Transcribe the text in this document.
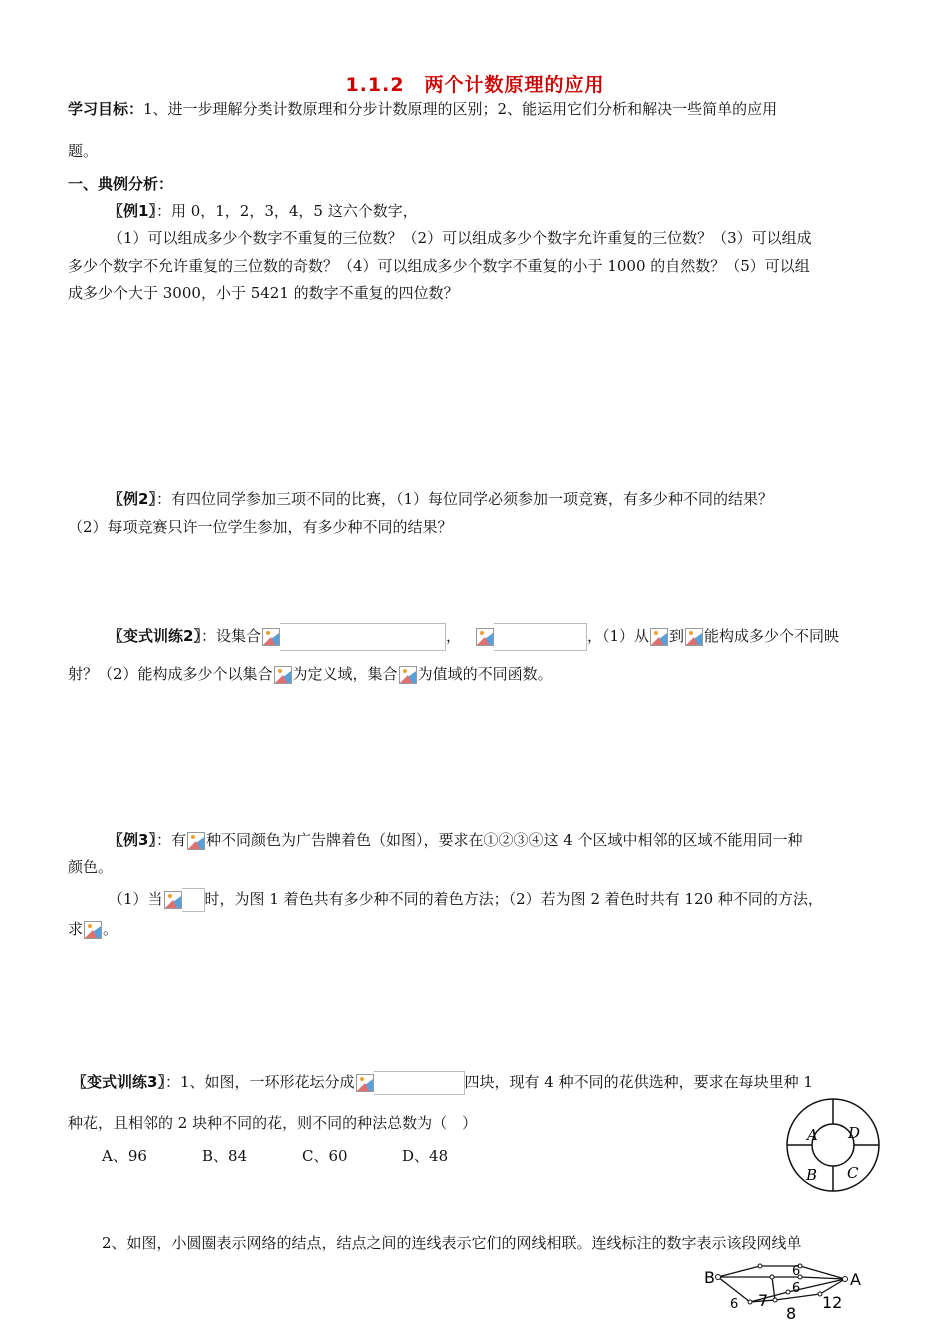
1.1.2　两个计数原理的应用
学习目标：1、进一步理解分类计数原理和分步计数原理的区别；2、能运用它们分析和解决一些简单的应用
题。
一、典例分析：
〖例1〗：用 0，1，2，3，4，5 这六个数字，
（1）可以组成多少个数字不重复的三位数？（2）可以组成多少个数字允许重复的三位数？（3）可以组成
多少个数字不允许重复的三位数的奇数？（4）可以组成多少个数字不重复的小于 1000 的自然数？（5）可以组
成多少个大于 3000，小于 5421 的数字不重复的四位数？
〖例2〗：有四位同学参加三项不同的比赛，（1）每位同学必须参加一项竞赛，有多少种不同的结果？
（2）每项竞赛只许一位学生参加，有多少种不同的结果？
〖变式训练2〗：设集合	，	，（1）从 到 能构成多少个不同映
射？（2）能构成多少个以集合 为定义域，集合 为值域的不同函数。
〖例3〗：有 种不同颜色为广告牌着色（如图），要求在①②③④这 4 个区域中相邻的区域不能用同一种
颜色。
（1）当	时，为图 1 着色共有多少种不同的着色方法；（2）若为图 2 着色时共有 120 种不同的方法，
求 。
〖变式训练3〗：1、如图，一环形花坛分成	四块，现有 4 种不同的花供选种，要求在每块里种 1
种花，且相邻的 2 块种不同的花，则不同的种法总数为（　）
A、96	B、84	C、60	D、48
A D
B C
2、如图，小圆圈表示网络的结点，结点之间的连线表示它们的网线相联。连线标注的数字表示该段网线单
B	A
6
6
7
8
12
6
